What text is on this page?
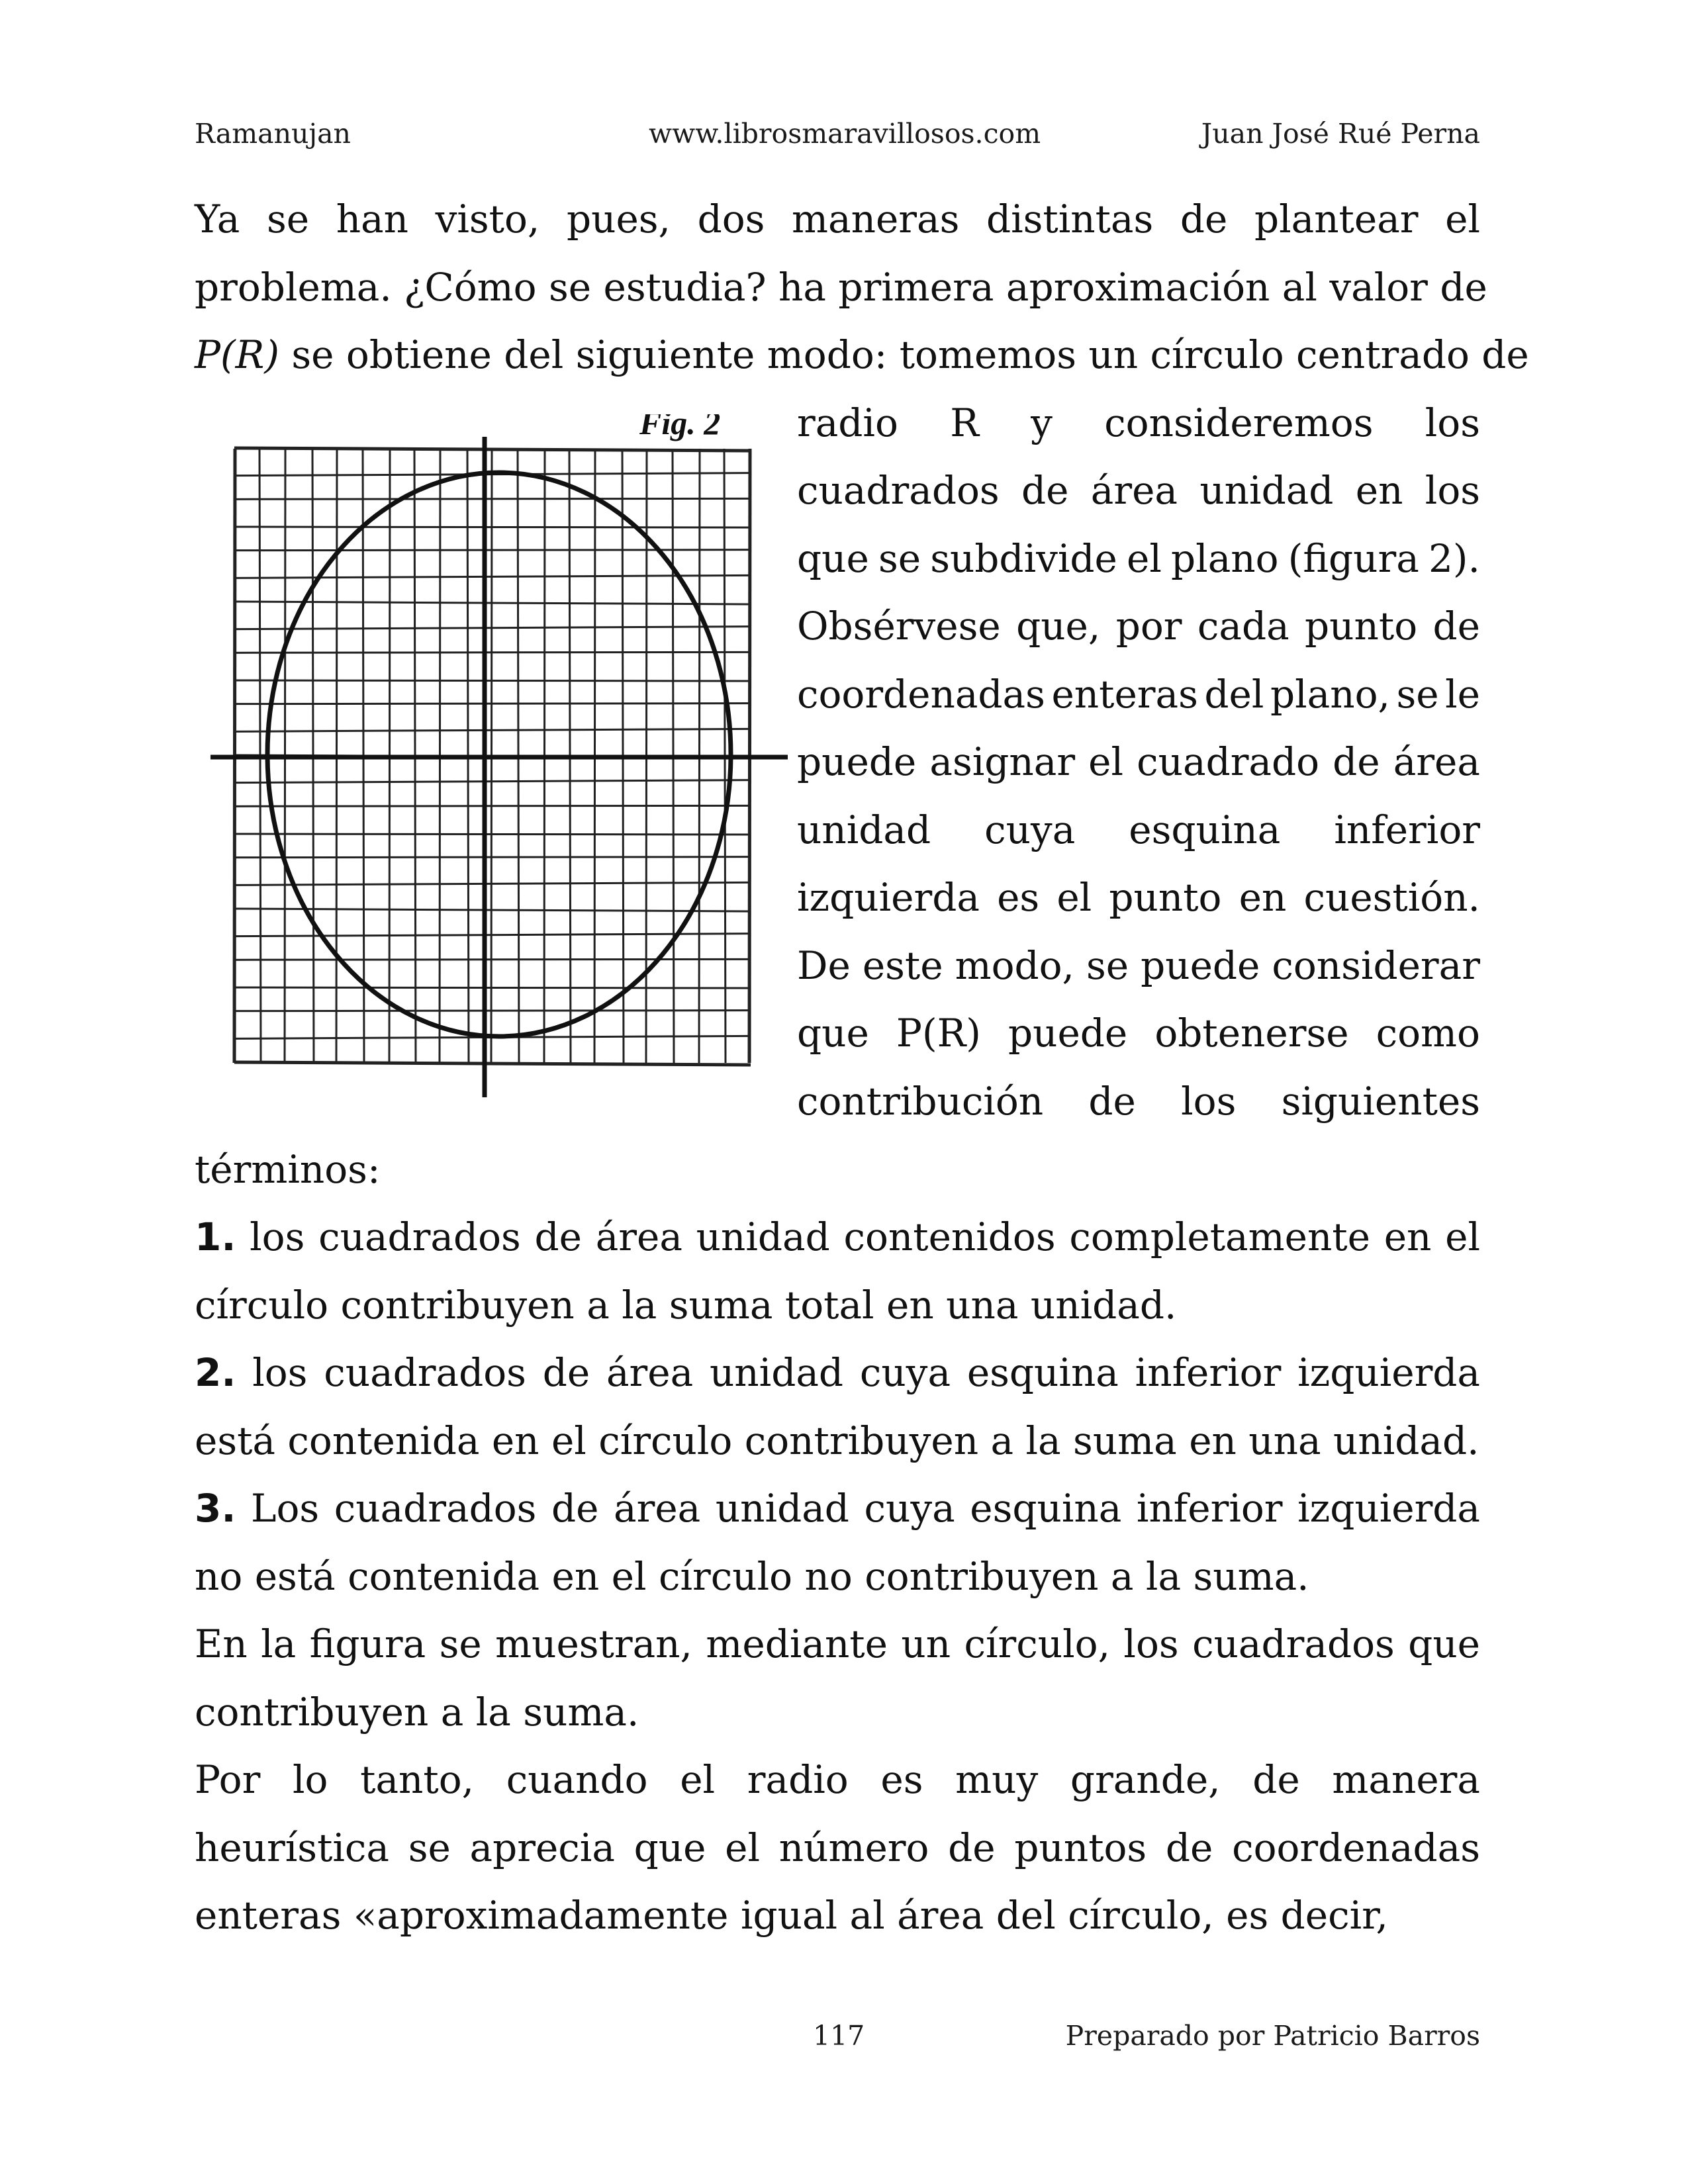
Ramanujan	www.librosmaravillosos.com	Juan José Rué Perna
Ya se han visto, pues, dos maneras distintas de plantear el
problema. ¿Cómo se estudia? ha primera aproximación al valor de
P(R) se obtiene del siguiente modo: tomemos un círculo centrado de
Fig. 2 radio R y consideremos los
cuadrados de área unidad en los
que se subdivide el plano (figura 2).
Obsérvese que, por cada punto de
coordenadas enteras del plano, se le
puede asignar el cuadrado de área
unidad cuya esquina inferior
izquierda es el punto en cuestión.
De este modo, se puede considerar
que P(R) puede obtenerse como
contribución de los siguientes

términos:

1. los cuadrados de área unidad contenidos completamente en el círculo contribuyen a la suma total en una unidad.

2. los cuadrados de área unidad cuya esquina inferior izquierda está contenida en el círculo contribuyen a la suma en una unidad.

3. Los cuadrados de área unidad cuya esquina inferior izquierda no está contenida en el círculo no contribuyen a la suma.

En la figura se muestran, mediante un círculo, los cuadrados que contribuyen a la suma.

Por lo tanto, cuando el radio es muy grande, de manera heurística se aprecia que el número de puntos de coordenadas enteras «aproximadamente igual al área del círculo, es decir,

117	Preparado por Patricio Barros
